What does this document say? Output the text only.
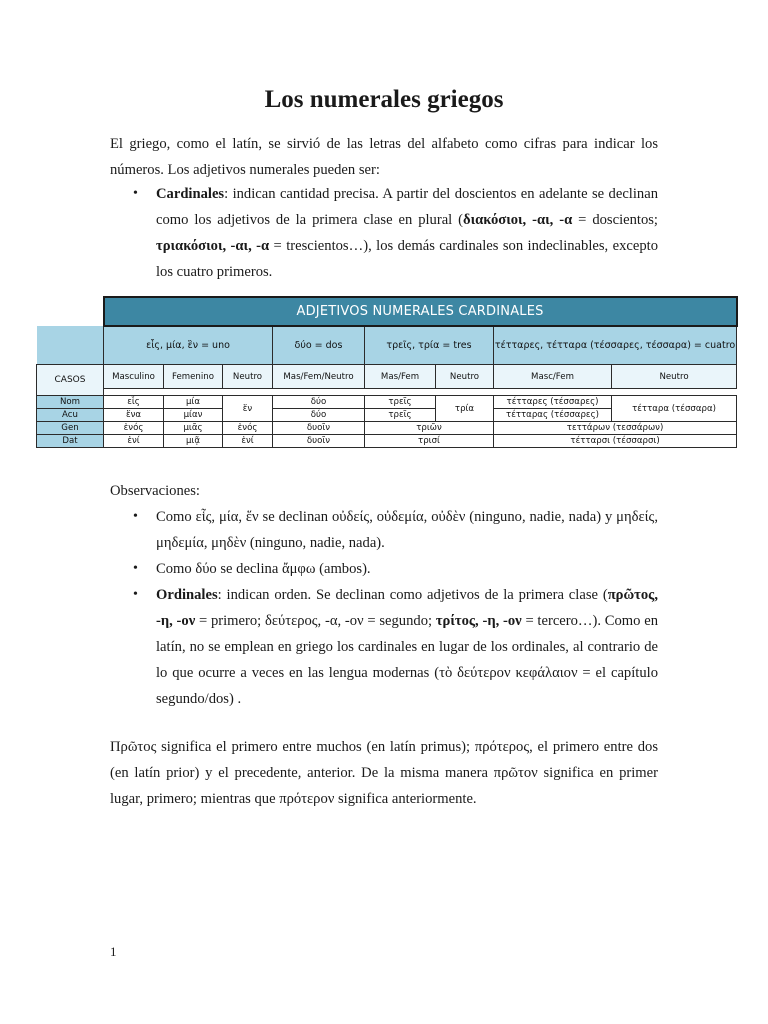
Los numerales griegos

El griego, como el latín, se sirvió de las letras del alfabeto como cifras para indicar los números. Los adjetivos numerales pueden ser:

• Cardinales: indican cantidad precisa. A partir del doscientos en adelante se declinan como los adjetivos de la primera clase en plural (διακόσιοι, -αι, -α = doscientos; τριακόσιοι, -αι, -α = trescientos…), los demás cardinales son indeclinables, excepto los cuatro primeros.

	ADJETIVOS NUMERALES CARDINALES							
	εἷς, μία, ἓν = uno			δύο = dos	τρεῖς, τρία = tres		τέτταρες, τέτταρα (τέσσαρες, τέσσαρα) = cuatro	
CASOS	Masculino	Femenino	Neutro	Mas/Fem/Neutro	Mas/Fem	Neutro	Masc/Fem	Neutro

Nom	εἷς	μία	ἕν	δύο	τρεῖς	τρία	τέτταρες (τέσσαρες)	τέτταρα (τέσσαρα)
Acu	ἕνα	μίαν		δύο	τρεῖς		τέτταρας (τέσσαρες)	
Gen	ἑνός	μιᾶς	ἑνός	δυοῖν	τριῶν		τεττάρων (τεσσάρων)	
Dat	ἑνί	μιᾷ	ἑνί	δυοῖν	τρισί		τέτταρσι (τέσσαρσι)	

Observaciones:

• Como εἷς, μία, ἕν se declinan οὐδείς, οὐδεμία, οὐδὲν (ninguno, nadie, nada) y μηδείς, μηδεμία, μηδὲν (ninguno, nadie, nada).

• Como δύο se declina ἄμφω (ambos).

• Ordinales: indican orden. Se declinan como adjetivos de la primera clase (πρῶτος, -η, -ον = primero; δεύτερος, -α, -ον = segundo; τρίτος, -η, -ον = tercero…). Como en latín, no se emplean en griego los cardinales en lugar de los ordinales, al contrario de lo que ocurre a veces en las lengua modernas (τὸ δεύτερον κεφάλαιον = el capítulo segundo/dos) .

Πρῶτος significa el primero entre muchos (en latín primus); πρότερος, el primero entre dos (en latín prior) y el precedente, anterior. De la misma manera πρῶτον significa en primer lugar, primero; mientras que πρότερον significa anteriormente.

1
